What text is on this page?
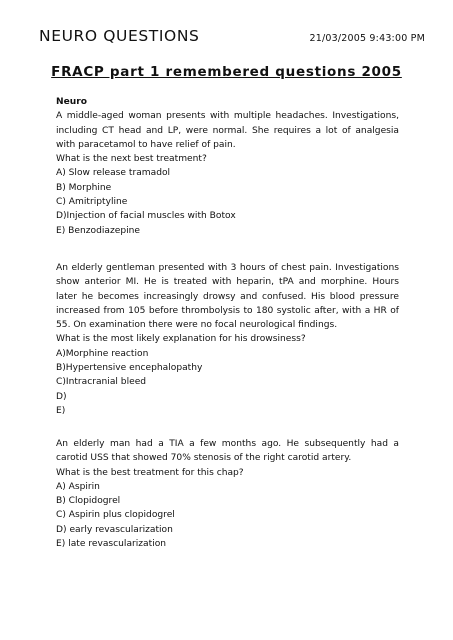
NEURO QUESTIONS	21/03/2005 9:43:00 PM
FRACP part 1 remembered questions 2005

Neuro

A middle-aged woman presents with multiple headaches. Investigations, including CT head and LP, were normal. She requires a lot of analgesia with paracetamol to have relief of pain.

What is the next best treatment?

A) Slow release tramadol

B) Morphine

C) Amitriptyline

D)Injection of facial muscles with Botox

E) Benzodiazepine

An elderly gentleman presented with 3 hours of chest pain. Investigations show anterior MI. He is treated with heparin, tPA and morphine. Hours later he becomes increasingly drowsy and confused. His blood pressure increased from 105 before thrombolysis to 180 systolic after, with a HR of 55. On examination there were no focal neurological findings.

What is the most likely explanation for his drowsiness?

A)Morphine reaction

B)Hypertensive encephalopathy

C)Intracranial bleed

D)

E)

An elderly man had a TIA a few months ago. He subsequently had a carotid USS that showed 70% stenosis of the right carotid artery.

What is the best treatment for this chap?

A) Aspirin

B) Clopidogrel

C) Aspirin plus clopidogrel

D) early revascularization

E) late revascularization
